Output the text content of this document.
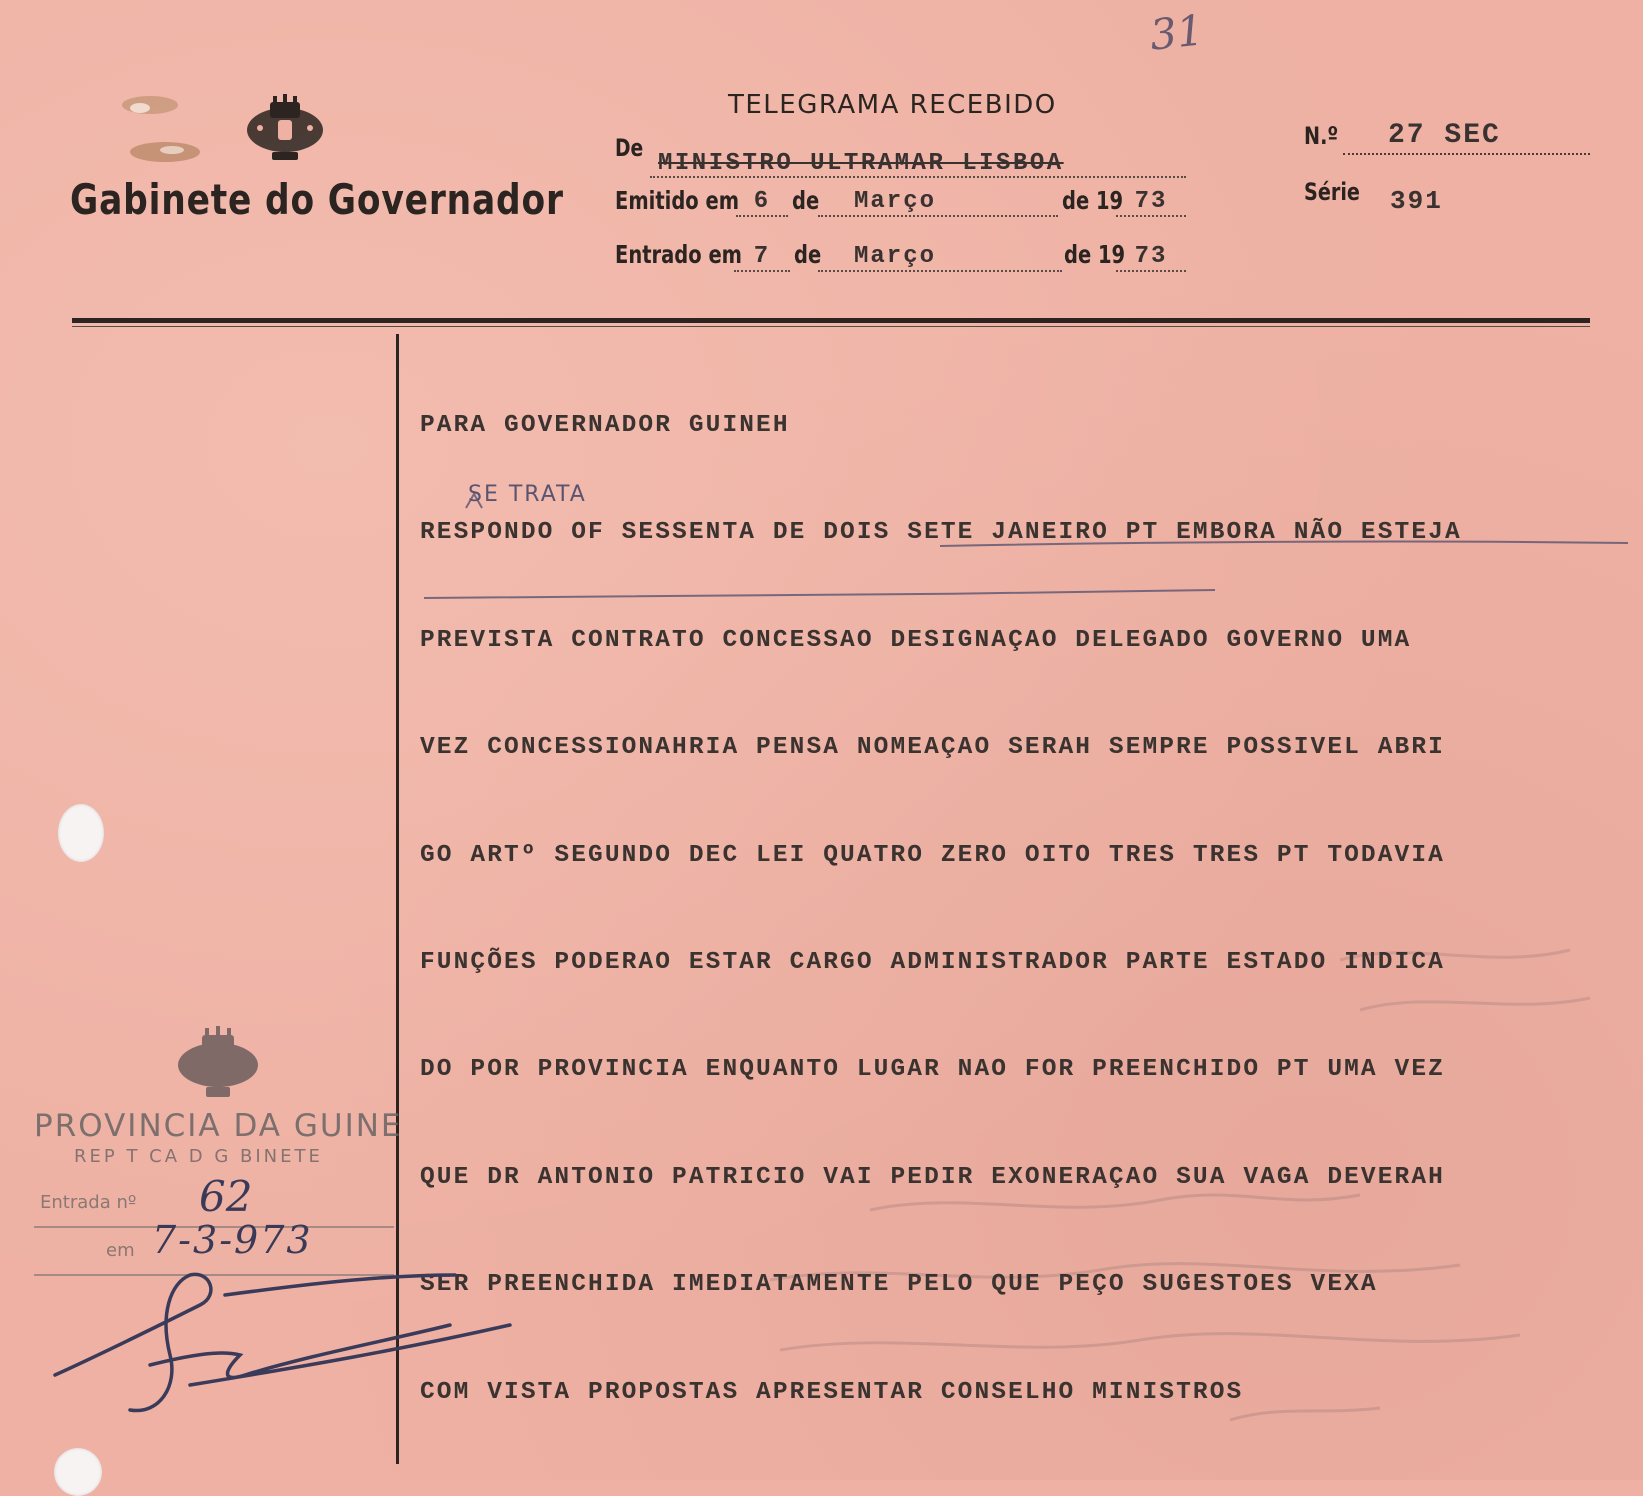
31
Gabinete do Governador
TELEGRAMA RECEBIDO
De
MINISTRO ULTRAMAR LISBOA
Emitido em 6 de	Março	de 19 73
Entrado em 7 de	Março	de 19 73
N.º 27 SEC
Série 391

PARA GOVERNADOR GUINEH

RESPONDO OF SESSENTA DE DOIS SETE JANEIRO PT EMBORA NÃO ESTEJA

PREVISTA CONTRATO CONCESSAO DESIGNAÇAO DELEGADO GOVERNO UMA

VEZ CONCESSIONAHRIA PENSA NOMEAÇAO SERAH SEMPRE POSSIVEL ABRI

GO ARTº SEGUNDO DEC LEI QUATRO ZERO OITO TRES TRES PT TODAVIA

FUNÇÕES PODERAO ESTAR CARGO ADMINISTRADOR PARTE ESTADO INDICA

DO POR PROVINCIA ENQUANTO LUGAR NAO FOR PREENCHIDO PT UMA VEZ

QUE DR ANTONIO PATRICIO VAI PEDIR EXONERAÇAO SUA VAGA DEVERAH

SER PREENCHIDA IMEDIATAMENTE PELO QUE PEÇO SUGESTOES VEXA

COM VISTA PROPOSTAS APRESENTAR CONSELHO MINISTROS

SE TRATA
PROVINCIA DA GUINE
REP T CA D G BINETE
Entrada nº 62
em 7-3-973
